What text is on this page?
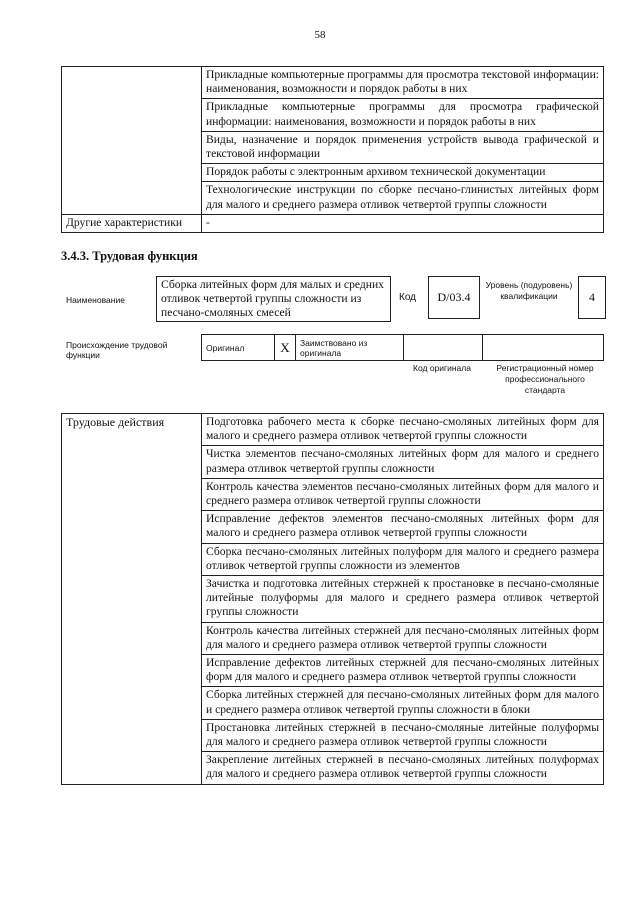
58
	Прикладные компьютерные программы для просмотра текстовой информации: наименования, возможности и порядок работы в них
	Прикладные компьютерные программы для просмотра графической информации: наименования, возможности и порядок работы в них
	Виды, назначение и порядок применения устройств вывода графической и текстовой информации
	Порядок работы с электронным архивом технической документации
	Технологические инструкции по сборке песчано-глинистых литейных форм для малого и среднего размера отливок четвертой группы сложности
Другие характеристики	-
3.4.3. Трудовая функция
Наименование
Сборка литейных форм для малых и средних отливок четвертой группы сложности из песчано-смоляных смесей
Код	D/03.4
Уровень (подуровень) квалификации	4
Происхождение трудовой функции
Оригинал	X	Заимствовано из оригинала		
Код оригинала	Регистрационный номер профессионального стандарта
Трудовые действия	Подготовка рабочего места к сборке песчано-смоляных литейных форм для малого и среднего размера отливок четвертой группы сложности
Чистка элементов песчано-смоляных литейных форм для малого и среднего размера отливок четвертой группы сложности
Контроль качества элементов песчано-смоляных литейных форм для малого и среднего размера отливок четвертой группы сложности
Исправление дефектов элементов песчано-смоляных литейных форм для малого и среднего размера отливок четвертой группы сложности
Сборка песчано-смоляных литейных полуформ для малого и среднего размера отливок четвертой группы сложности из элементов
Зачистка и подготовка литейных стержней к простановке в песчано-смоляные литейные полуформы для малого и среднего размера отливок четвертой группы сложности
Контроль качества литейных стержней для песчано-смоляных литейных форм для малого и среднего размера отливок четвертой группы сложности
Исправление дефектов литейных стержней для песчано-смоляных литейных форм для малого и среднего размера отливок четвертой группы сложности
Сборка литейных стержней для песчано-смоляных литейных форм для малого и среднего размера отливок четвертой группы сложности в блоки
Простановка литейных стержней в песчано-смоляные литейные полуформы для малого и среднего размера отливок четвертой группы сложности
Закрепление литейных стержней в песчано-смоляных литейных полуформах для малого и среднего размера отливок четвертой группы сложности
